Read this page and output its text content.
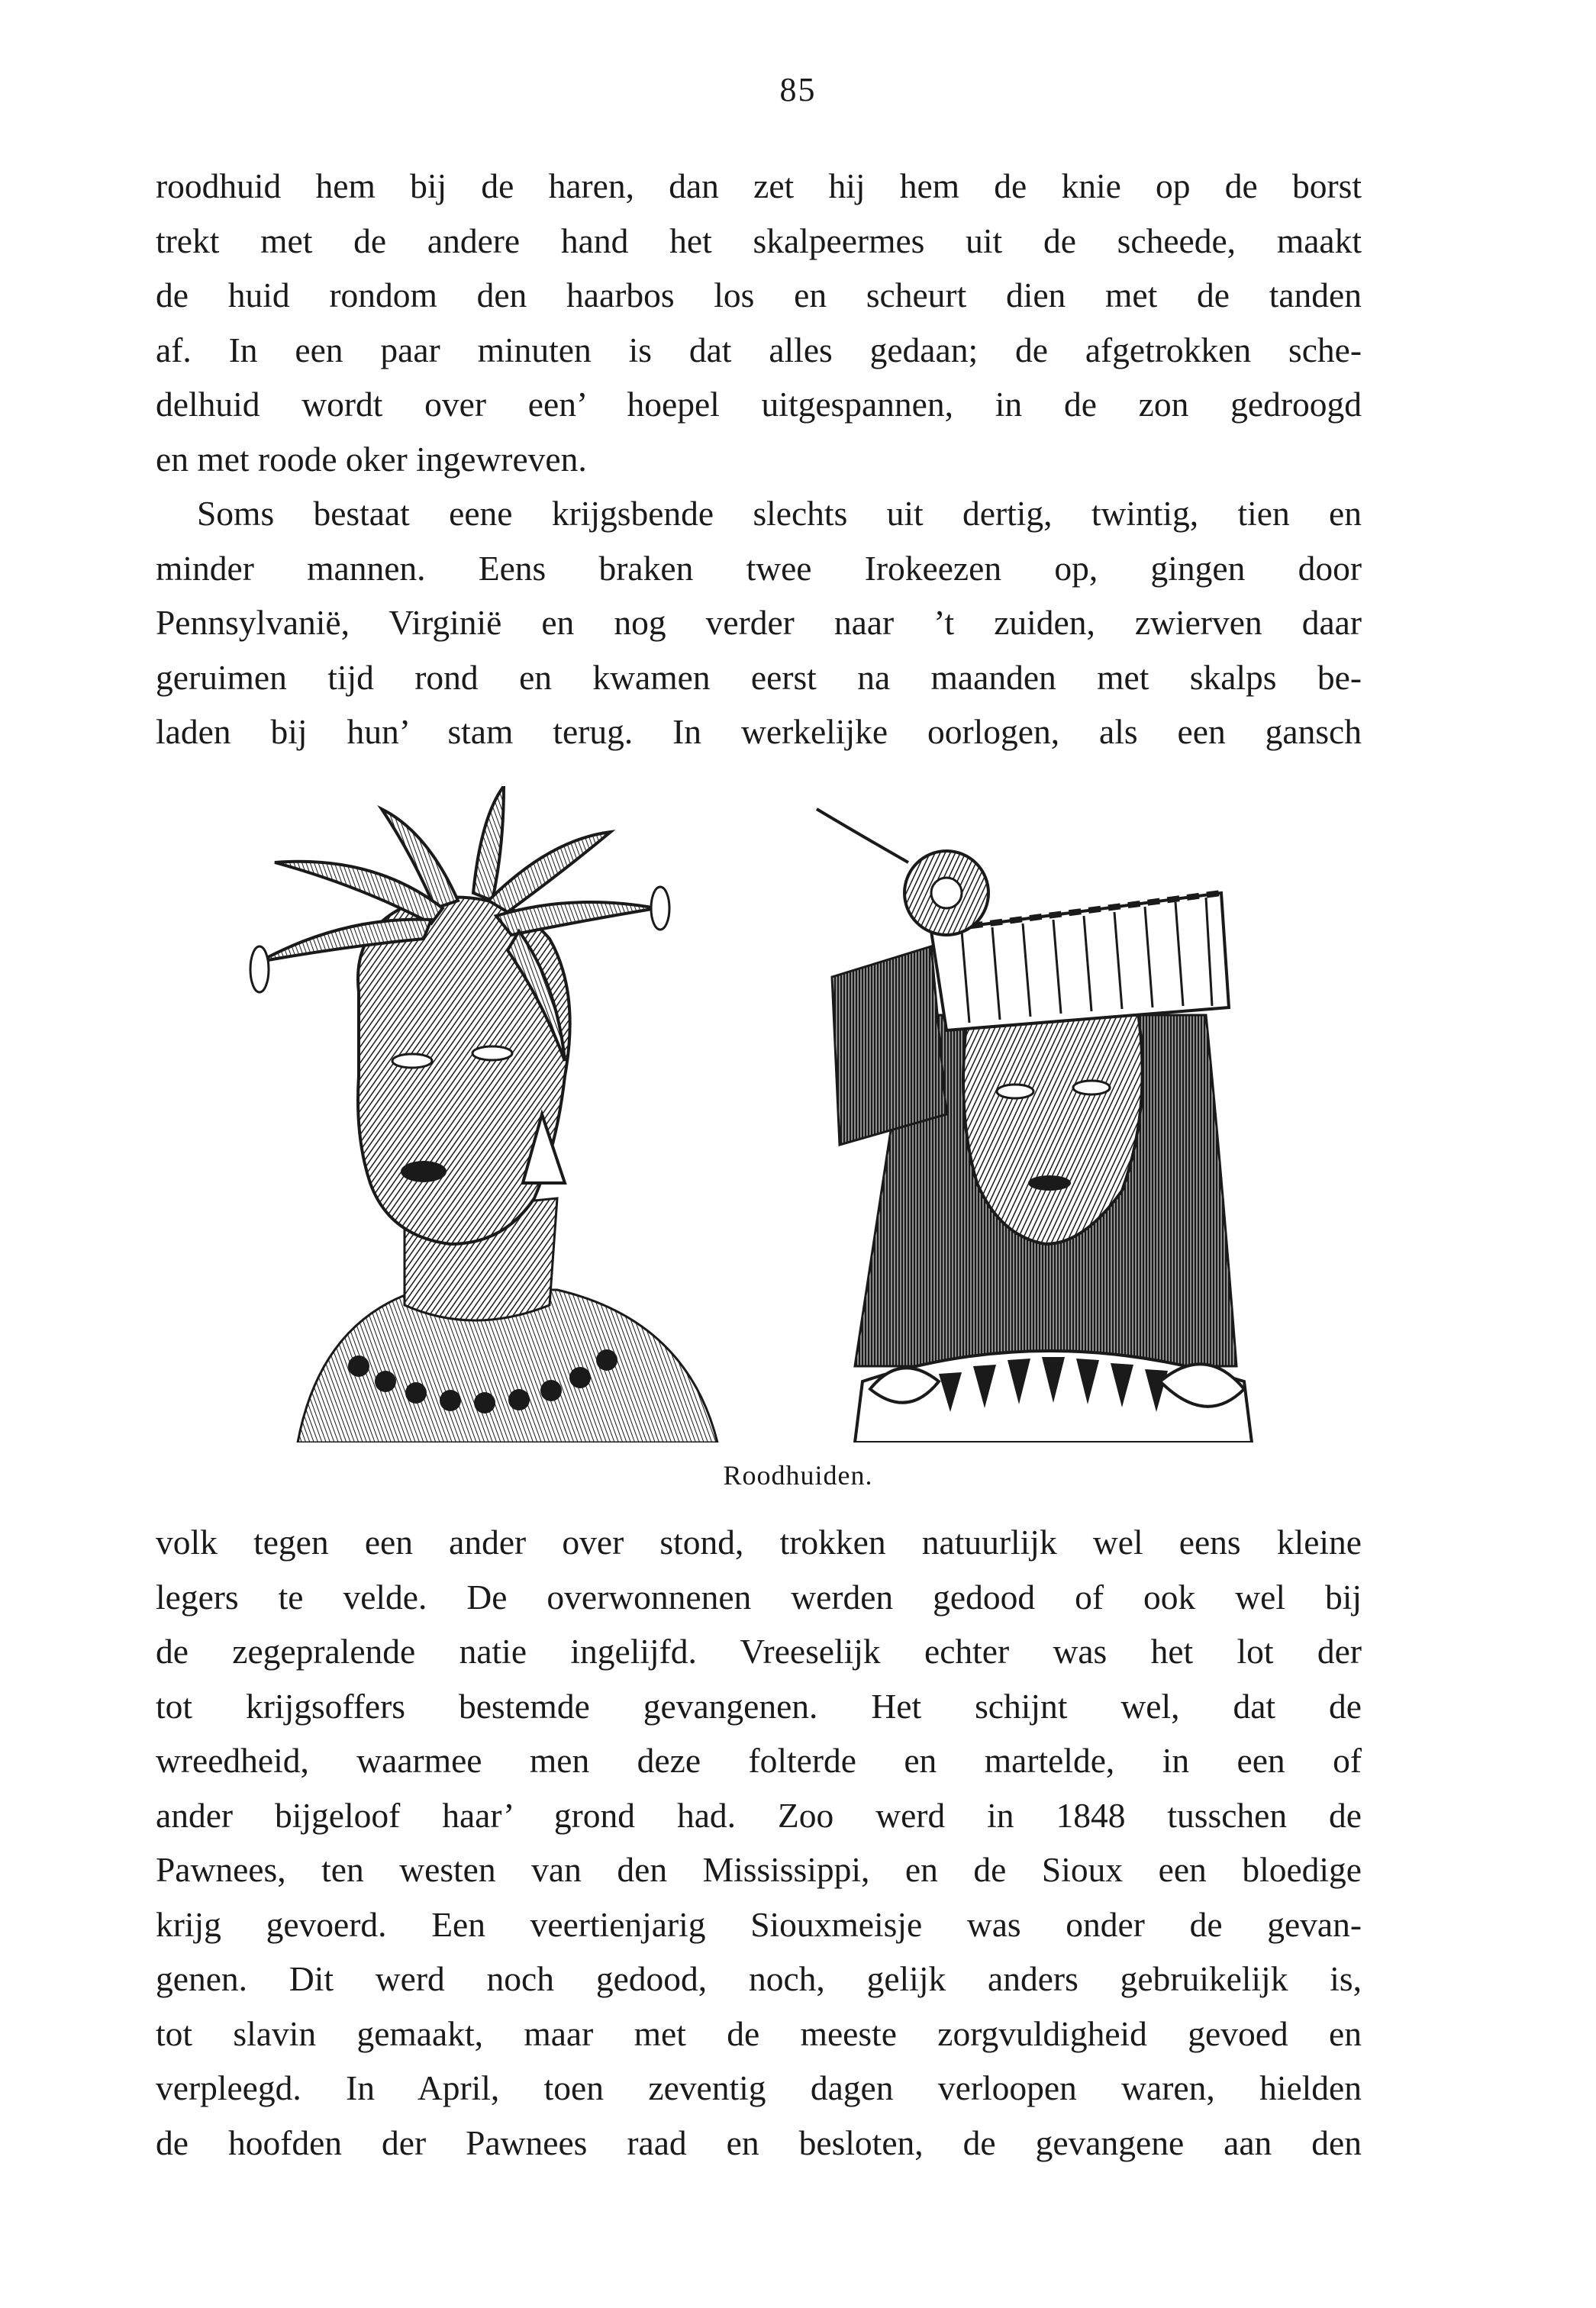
85

roodhuid hem bij de haren, dan zet hij hem de knie op de borst
trekt met de andere hand het skalpeermes uit de scheede, maakt
de huid rondom den haarbos los en scheurt dien met de tanden
af. In een paar minuten is dat alles gedaan; de afgetrokken sche-
delhuid wordt over een’ hoepel uitgespannen, in de zon gedroogd
en met roode oker ingewreven.

Soms bestaat eene krijgsbende slechts uit dertig, twintig, tien en
minder mannen. Eens braken twee Irokeezen op, gingen door
Pennsylvanië, Virginië en nog verder naar ’t zuiden, zwierven daar
geruimen tijd rond en kwamen eerst na maanden met skalps be-
laden bij hun’ stam terug. In werkelijke oorlogen, als een gansch

Roodhuiden.

volk tegen een ander over stond, trokken natuurlijk wel eens kleine
legers te velde. De overwonnenen werden gedood of ook wel bij
de zegepralende natie ingelijfd. Vreeselijk echter was het lot der
tot krijgsoffers bestemde gevangenen. Het schijnt wel, dat de
wreedheid, waarmee men deze folterde en martelde, in een of
ander bijgeloof haar’ grond had. Zoo werd in 1848 tusschen de
Pawnees, ten westen van den Mississippi, en de Sioux een bloedige
krijg gevoerd. Een veertienjarig Siouxmeisje was onder de gevan-
genen. Dit werd noch gedood, noch, gelijk anders gebruikelijk is,
tot slavin gemaakt, maar met de meeste zorgvuldigheid gevoed en
verpleegd. In April, toen zeventig dagen verloopen waren, hielden
de hoofden der Pawnees raad en besloten, de gevangene aan den
